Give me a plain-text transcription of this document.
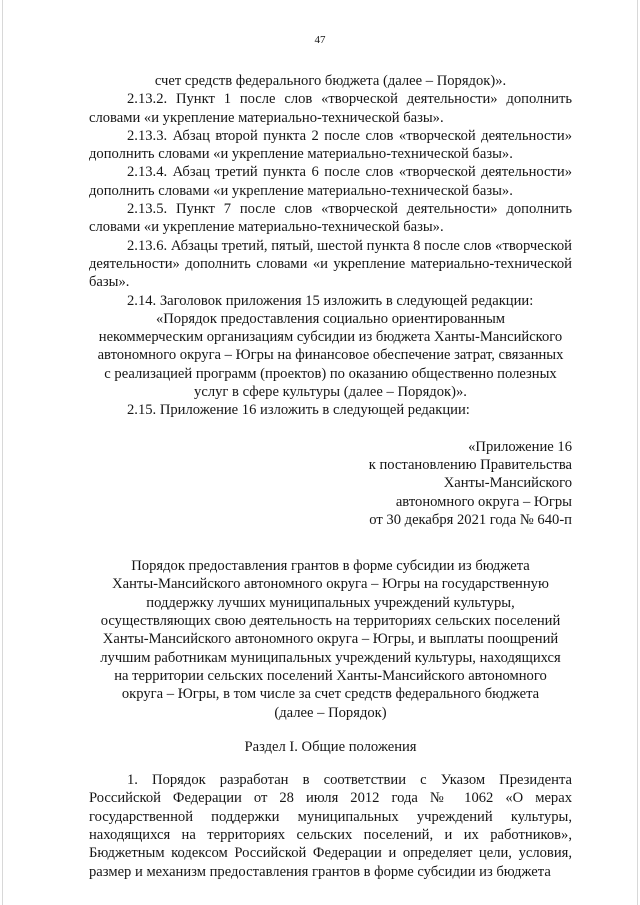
47

счет средств федерального бюджета (далее – Порядок)».

2.13.2. Пункт 1 после слов «творческой деятельности» дополнить словами «и укрепление материально-технической базы».

2.13.3. Абзац второй пункта 2 после слов «творческой деятельности» дополнить словами «и укрепление материально-технической базы».

2.13.4. Абзац третий пункта 6 после слов «творческой деятельности» дополнить словами «и укрепление материально-технической базы».

2.13.5. Пункт 7 после слов «творческой деятельности» дополнить словами «и укрепление материально-технической базы».

2.13.6. Абзацы третий, пятый, шестой пункта 8 после слов «творческой деятельности» дополнить словами «и укрепление материально-технической базы».

2.14. Заголовок приложения 15 изложить в следующей редакции:

«Порядок предоставления социально ориентированным

некоммерческим организациям субсидии из бюджета Ханты-Мансийского

автономного округа – Югры на финансовое обеспечение затрат, связанных

с реализацией программ (проектов) по оказанию общественно полезных

услуг в сфере культуры (далее – Порядок)».

2.15. Приложение 16 изложить в следующей редакции:

«Приложение 16

к постановлению Правительства

Ханты-Мансийского

автономного округа – Югры

от 30 декабря 2021 года № 640-п

Порядок предоставления грантов в форме субсидии из бюджета

Ханты-Мансийского автономного округа – Югры на государственную

поддержку лучших муниципальных учреждений культуры,

осуществляющих свою деятельность на территориях сельских поселений

Ханты-Мансийского автономного округа – Югры, и выплаты поощрений

лучшим работникам муниципальных учреждений культуры, находящихся

на территории сельских поселений Ханты-Мансийского автономного

округа – Югры, в том числе за счет средств федерального бюджета

(далее – Порядок)

Раздел I. Общие положения

1. Порядок разработан в соответствии с Указом Президента Российской Федерации от 28 июля 2012 года № 1062 «О мерах государственной поддержки муниципальных учреждений культуры, находящихся на территориях сельских поселений, и их работников», Бюджетным кодексом Российской Федерации и определяет цели, условия, размер и механизм предоставления грантов в форме субсидии из бюджета
